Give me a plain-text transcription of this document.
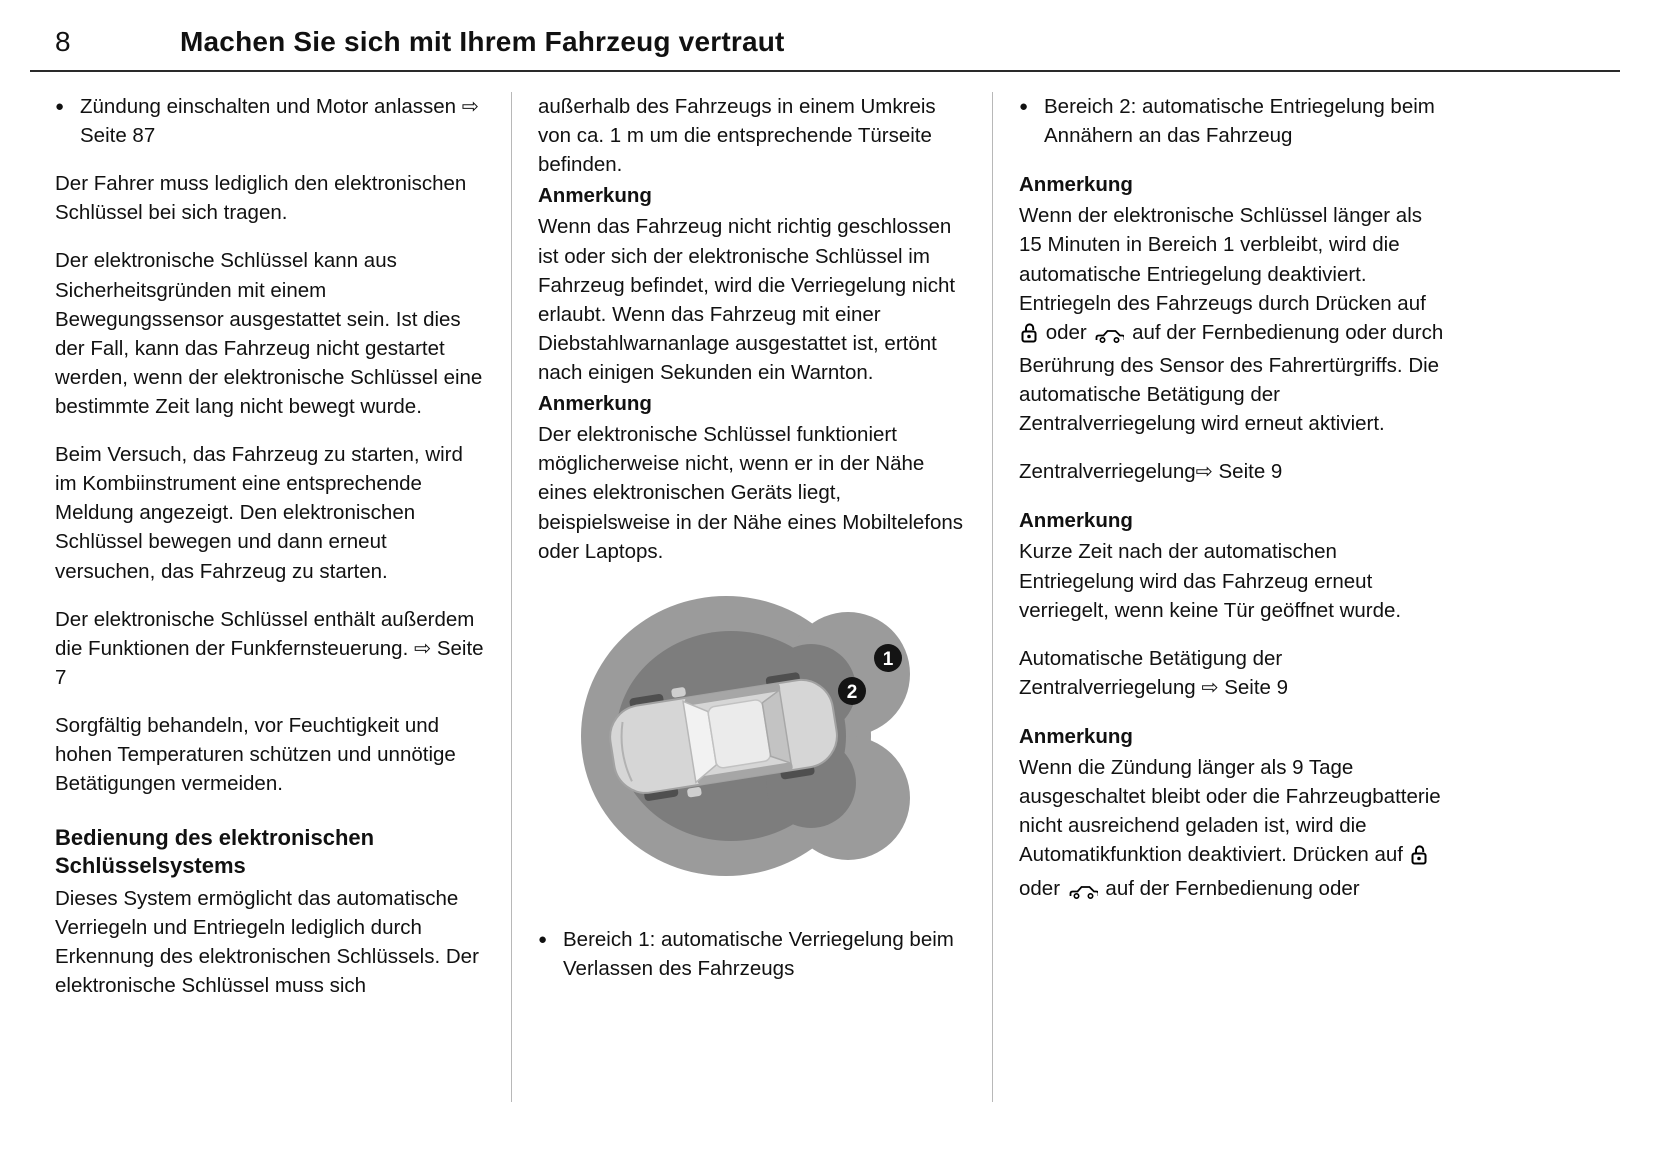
8	Machen Sie sich mit Ihrem Fahrzeug vertraut
● Zündung einschalten und Motor anlassen ⇨ Seite 87

Der Fahrer muss lediglich den elektronischen Schlüssel bei sich tragen.

Der elektronische Schlüssel kann aus Sicherheitsgründen mit einem Bewegungssensor ausgestattet sein. Ist dies der Fall, kann das Fahrzeug nicht gestartet werden, wenn der elektronische Schlüssel eine bestimmte Zeit lang nicht bewegt wurde.

Beim Versuch, das Fahrzeug zu starten, wird im Kombiinstrument eine entsprechende Meldung angezeigt. Den elektronischen Schlüssel bewegen und dann erneut versuchen, das Fahrzeug zu starten.

Der elektronische Schlüssel enthält außerdem die Funktionen der Funkfernsteuerung. ⇨ Seite 7

Sorgfältig behandeln, vor Feuchtigkeit und hohen Temperaturen schützen und unnötige Betätigungen vermeiden.

Bedienung des elektronischen Schlüsselsystems

Dieses System ermöglicht das automatische Verriegeln und Entriegeln lediglich durch Erkennung des elektronischen Schlüssels. Der elektronische Schlüssel muss sich

außerhalb des Fahrzeugs in einem Umkreis von ca. 1 m um die entsprechende Türseite befinden.

Anmerkung

Wenn das Fahrzeug nicht richtig geschlossen ist oder sich der elektronische Schlüssel im Fahrzeug befindet, wird die Verriegelung nicht erlaubt. Wenn das Fahrzeug mit einer Diebstahlwarnanlage ausgestattet ist, ertönt nach einigen Sekunden ein Warnton.

Anmerkung

Der elektronische Schlüssel funktioniert möglicherweise nicht, wenn er in der Nähe eines elektronischen Geräts liegt, beispielsweise in der Nähe eines Mobiltelefons oder Laptops.

2
1
● Bereich 1: automatische Verriegelung beim Verlassen des Fahrzeugs
● Bereich 2: automatische Entriegelung beim Annähern an das Fahrzeug
Anmerkung

Wenn der elektronische Schlüssel länger als 15 Minuten in Bereich 1 verbleibt, wird die automatische Entriegelung deaktiviert. Entriegeln des Fahrzeugs durch Drücken auf  oder  auf der Fernbedienung oder durch Berührung des Sensor des Fahrertürgriffs. Die automatische Betätigung der Zentralverriegelung wird erneut aktiviert.

Zentralverriegelung⇨ Seite 9

Anmerkung

Kurze Zeit nach der automatischen Entriegelung wird das Fahrzeug erneut verriegelt, wenn keine Tür geöffnet wurde.

Automatische Betätigung der Zentralverriegelung ⇨ Seite 9

Anmerkung

Wenn die Zündung länger als 9 Tage ausgeschaltet bleibt oder die Fahrzeugbatterie nicht ausreichend geladen ist, wird die Automatikfunktion deaktiviert. Drücken auf  oder  auf der Fernbedienung oder
